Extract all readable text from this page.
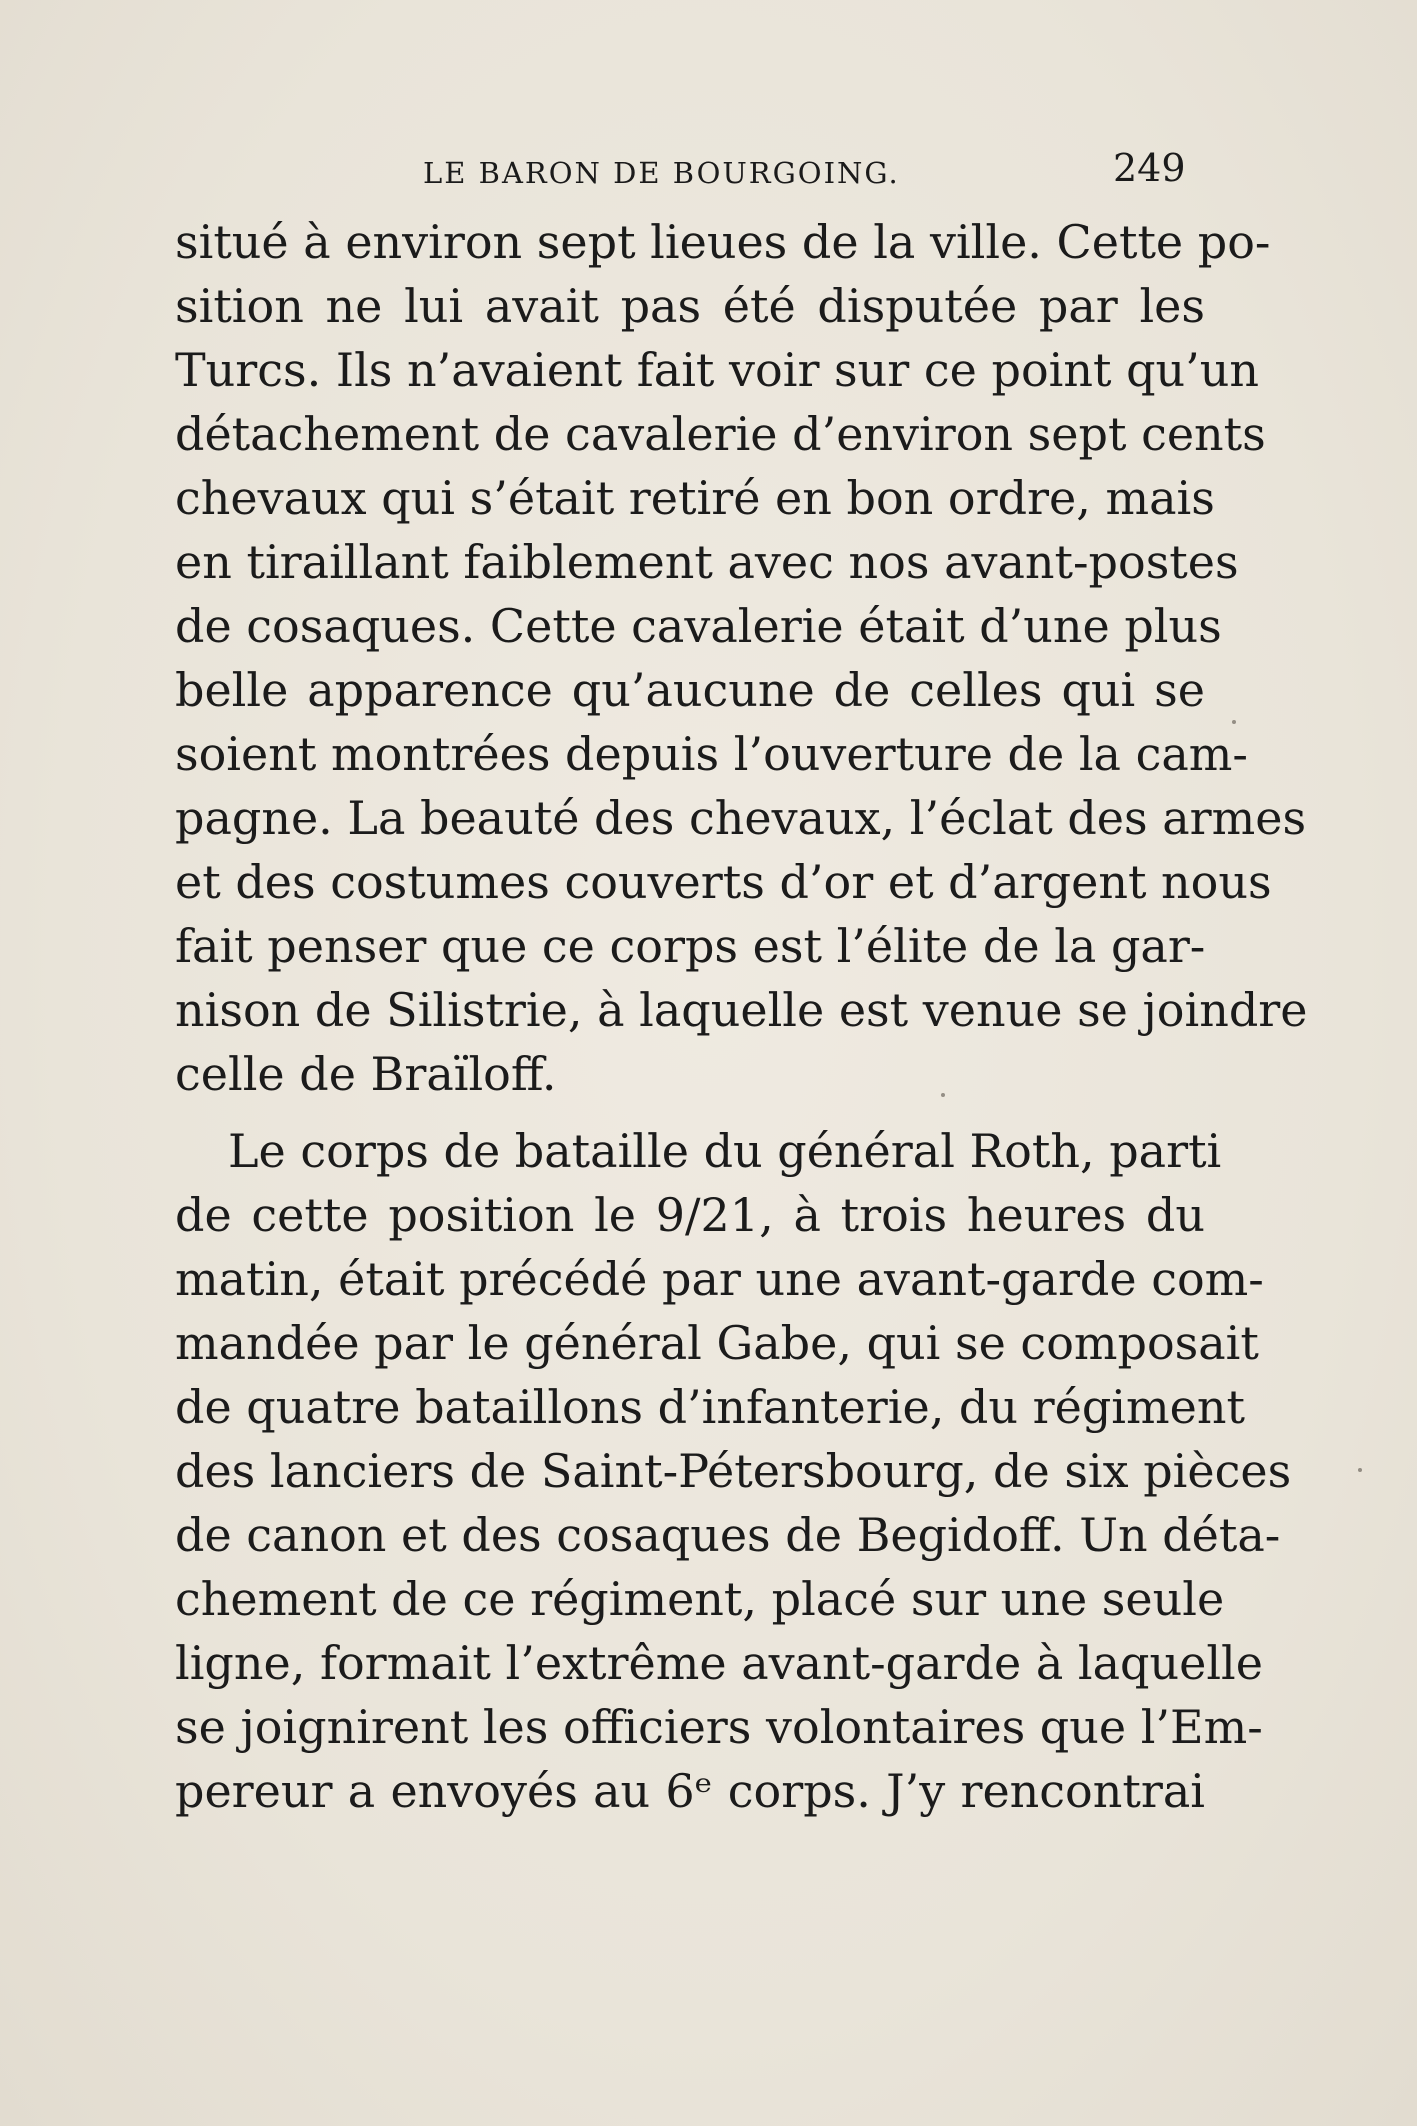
LE BARON DE BOURGOING.	249
situé à environ sept lieues de la ville. Cette po-
sition ne lui avait pas été disputée par les
Turcs. Ils n’avaient fait voir sur ce point qu’un
détachement de cavalerie d’environ sept cents
chevaux qui s’était retiré en bon ordre, mais
en tiraillant faiblement avec nos avant-postes
de cosaques. Cette cavalerie était d’une plus
belle apparence qu’aucune de celles qui se
soient montrées depuis l’ouverture de la cam-
pagne. La beauté des chevaux, l’éclat des armes
et des costumes couverts d’or et d’argent nous
fait penser que ce corps est l’élite de la gar-
nison de Silistrie, à laquelle est venue se joindre
celle de Braïloff.
Le corps de bataille du général Roth, parti
de cette position le 9/21, à trois heures du
matin, était précédé par une avant-garde com-
mandée par le général Gabe, qui se composait
de quatre bataillons d’infanterie, du régiment
des lanciers de Saint-Pétersbourg, de six pièces
de canon et des cosaques de Begidoff. Un déta-
chement de ce régiment, placé sur une seule
ligne, formait l’extrême avant-garde à laquelle
se joignirent les officiers volontaires que l’Em-
pereur a envoyés au 6ᵉ corps. J’y rencontrai
